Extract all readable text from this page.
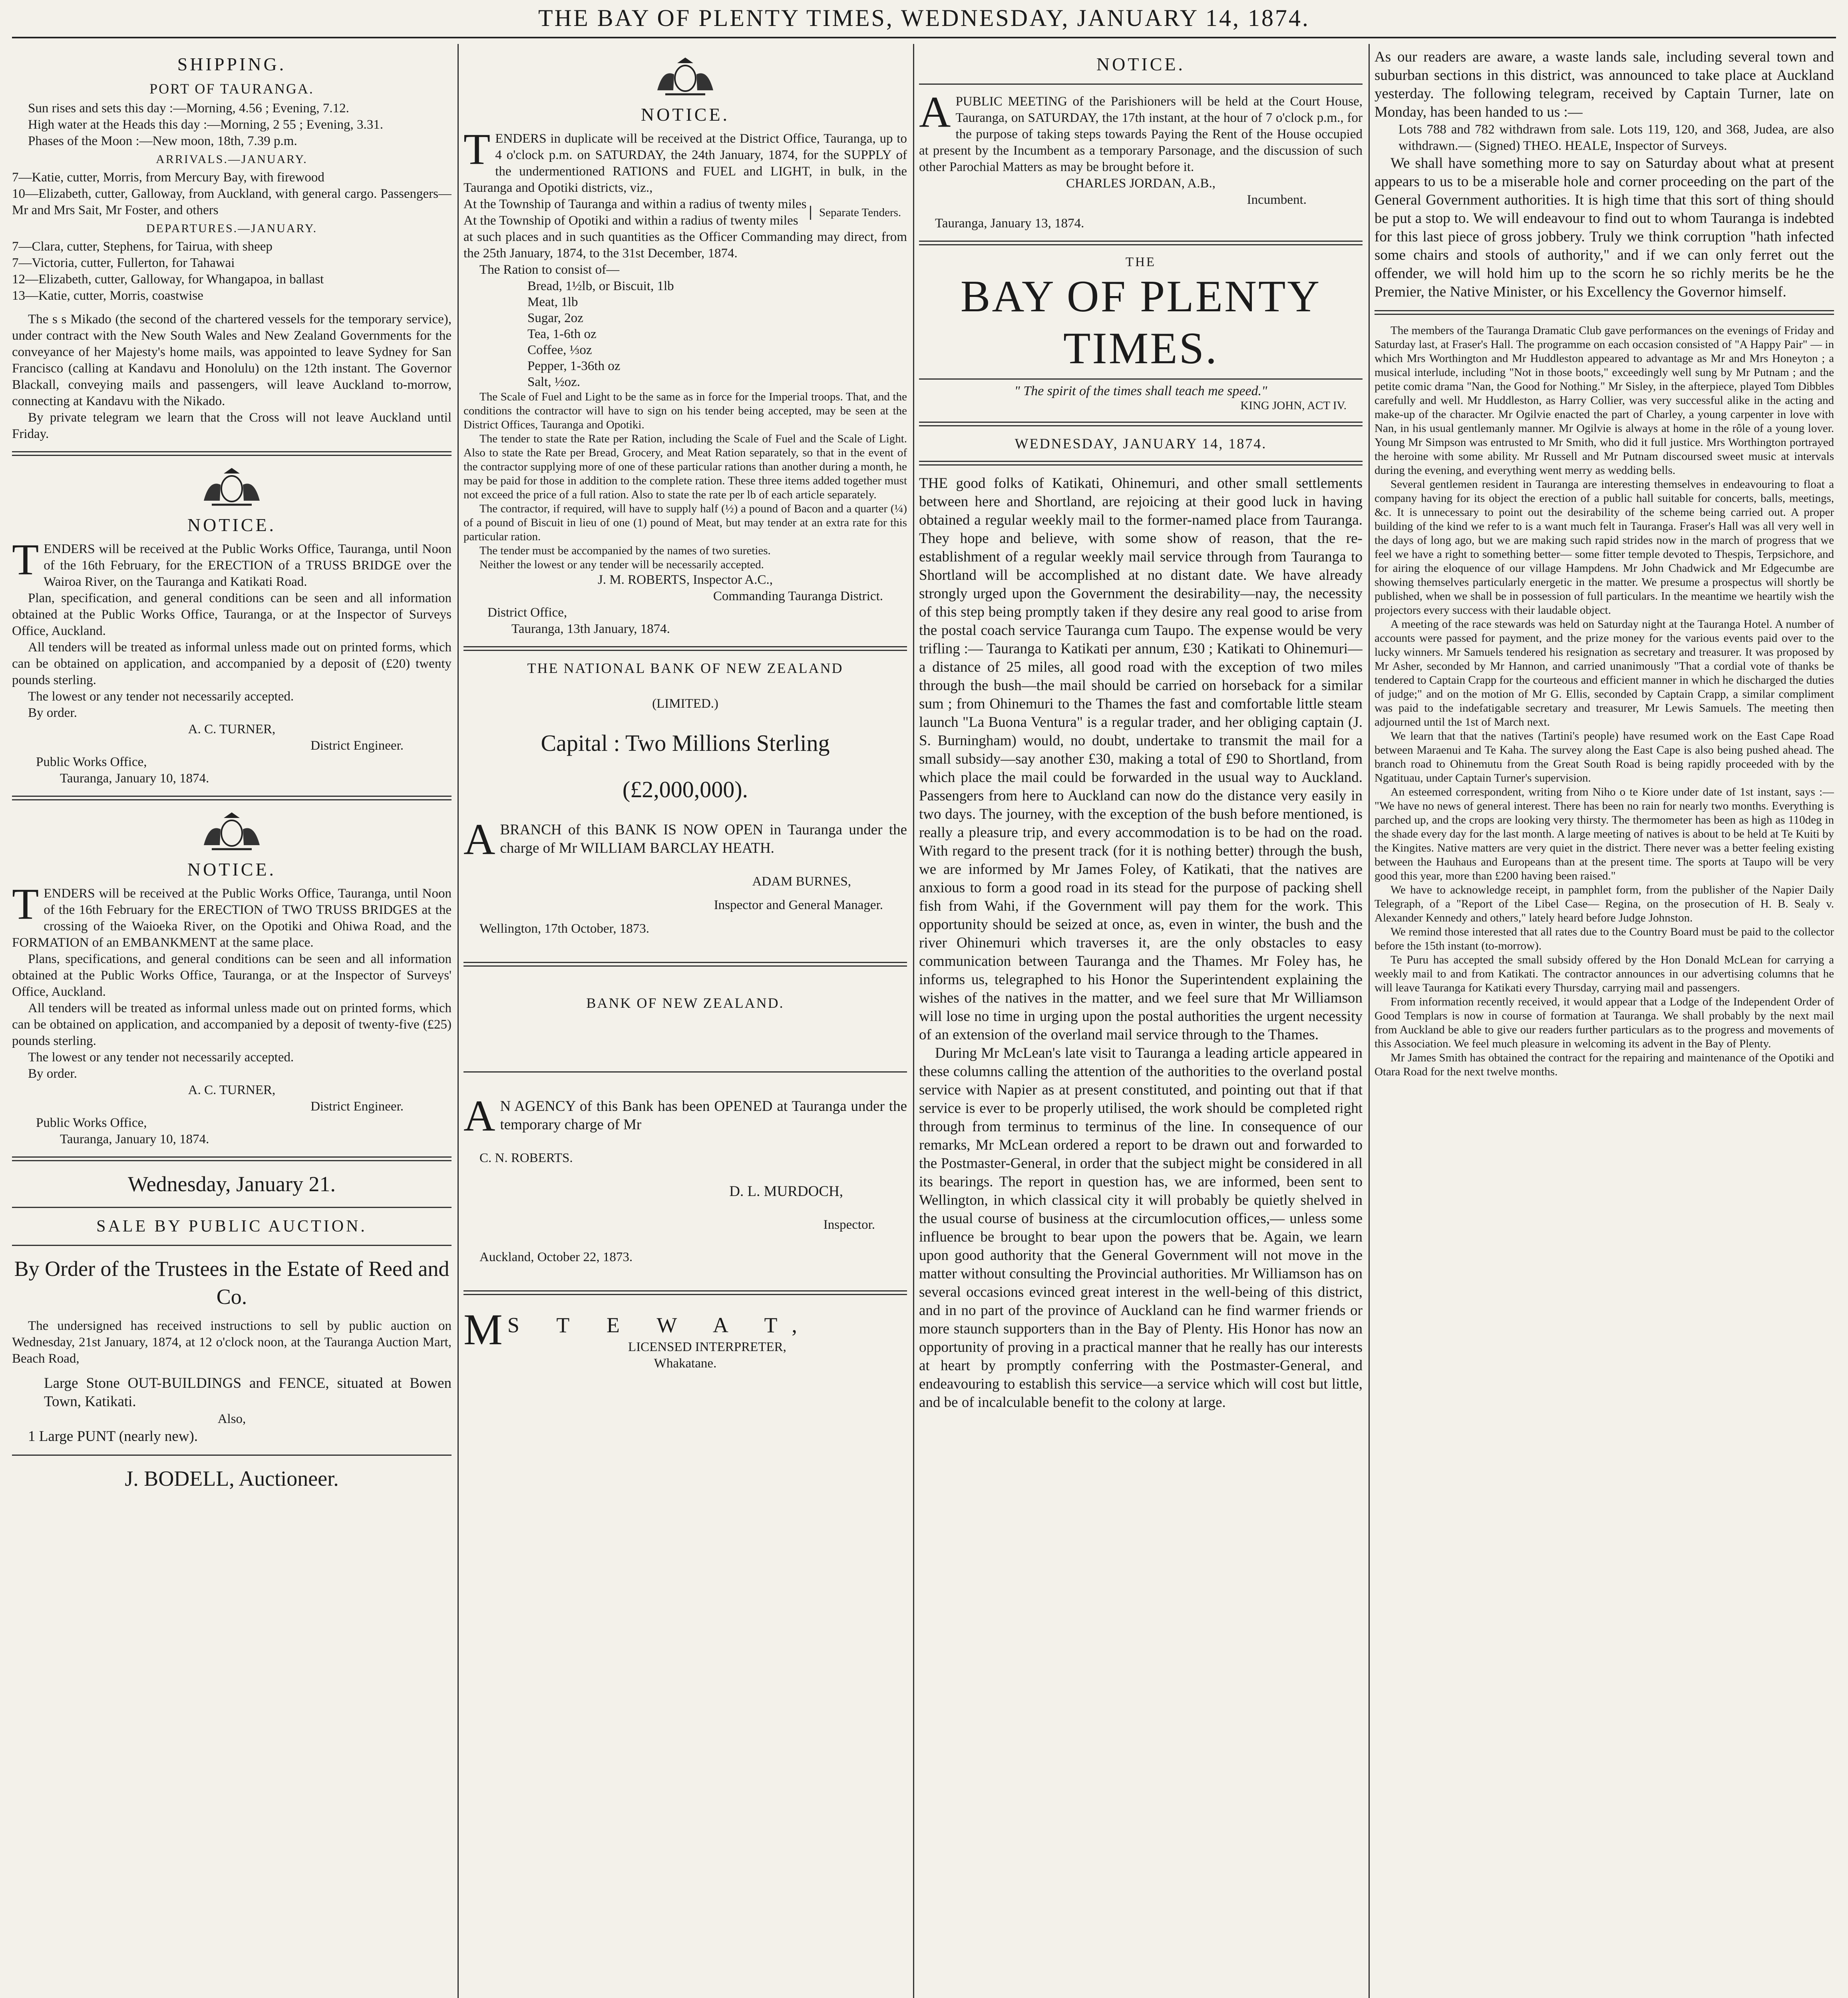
THE BAY OF PLENTY TIMES, WEDNESDAY, JANUARY 14, 1874.
SHIPPING.
PORT OF TAURANGA.

Sun rises and sets this day :—Morning, 4.56 ; Evening, 7.12.

High water at the Heads this day :—Morning, 2 55 ; Evening, 3.31.

Phases of the Moon :—New moon, 18th, 7.39 p.m.

ARRIVALS.—JANUARY.

7—Katie, cutter, Morris, from Mercury Bay, with firewood

10—Elizabeth, cutter, Galloway, from Auckland, with general cargo. Passengers—Mr and Mrs Sait, Mr Foster, and others

DEPARTURES.—JANUARY.

7—Clara, cutter, Stephens, for Tairua, with sheep

7—Victoria, cutter, Fullerton, for Tahawai

12—Elizabeth, cutter, Galloway, for Whangapoa, in ballast

13—Katie, cutter, Morris, coastwise

The s s Mikado (the second of the chartered vessels for the temporary service), under contract with the New South Wales and New Zealand Governments for the conveyance of her Majesty's home mails, was appointed to leave Sydney for San Francisco (calling at Kandavu and Honolulu) on the 12th instant. The Governor Blackall, conveying mails and passengers, will leave Auckland to-morrow, connecting at Kandavu with the Nikado.

By private telegram we learn that the Cross will not leave Auckland until Friday.

NOTICE.

TENDERS will be received at the Public Works Office, Tauranga, until Noon of the 16th February, for the ERECTION of a TRUSS BRIDGE over the Wairoa River, on the Tauranga and Katikati Road.

Plan, specification, and general conditions can be seen and all information obtained at the Public Works Office, Tauranga, or at the Inspector of Surveys Office, Auckland.

All tenders will be treated as informal unless made out on printed forms, which can be obtained on application, and accompanied by a deposit of (£20) twenty pounds sterling.

The lowest or any tender not necessarily accepted.

By order.

A. C. TURNER,

District Engineer.

Public Works Office,

Tauranga, January 10, 1874.

NOTICE.

TENDERS will be received at the Public Works Office, Tauranga, until Noon of the 16th February for the ERECTION of TWO TRUSS BRIDGES at the crossing of the Waioeka River, on the Opotiki and Ohiwa Road, and the FORMATION of an EMBANKMENT at the same place.

Plans, specifications, and general conditions can be seen and all information obtained at the Public Works Office, Tauranga, or at the Inspector of Surveys' Office, Auckland.

All tenders will be treated as informal unless made out on printed forms, which can be obtained on application, and accompanied by a deposit of twenty-five (£25) pounds sterling.

The lowest or any tender not necessarily accepted.

By order.

A. C. TURNER,

District Engineer.

Public Works Office,

Tauranga, January 10, 1874.

Wednesday, January 21.
SALE BY PUBLIC AUCTION.
By Order of the Trustees in the Estate of Reed and Co.

The undersigned has received instructions to sell by public auction on Wednesday, 21st January, 1874, at 12 o'clock noon, at the Tauranga Auction Mart, Beach Road,

Large Stone OUT-BUILDINGS and FENCE, situated at Bowen Town, Katikati.

Also,

1 Large PUNT (nearly new).

J. BODELL, Auctioneer.
NOTICE.

TENDERS in duplicate will be received at the District Office, Tauranga, up to 4 o'clock p.m. on SATURDAY, the 24th January, 1874, for the SUPPLY of the undermentioned RATIONS and FUEL and LIGHT, in bulk, in the Tauranga and Opotiki districts, viz.,

At the Township of Tauranga and within a radius of twenty miles

At the Township of Opotiki and within a radius of twenty miles

Separate Tenders.

at such places and in such quantities as the Officer Commanding may direct, from the 25th January, 1874, to the 31st December, 1874.

The Ration to consist of—

Bread, 1½lb, or Biscuit, 1lb
Meat, 1lb
Sugar, 2oz
Tea, 1-6th oz
Coffee, ⅓oz
Pepper, 1-36th oz
Salt, ½oz.

The Scale of Fuel and Light to be the same as in force for the Imperial troops. That, and the conditions the contractor will have to sign on his tender being accepted, may be seen at the District Offices, Tauranga and Opotiki.

The tender to state the Rate per Ration, including the Scale of Fuel and the Scale of Light. Also to state the Rate per Bread, Grocery, and Meat Ration separately, so that in the event of the contractor supplying more of one of these particular rations than another during a month, he may be paid for those in addition to the complete ration. These three items added together must not exceed the price of a full ration. Also to state the rate per lb of each article separately.

The contractor, if required, will have to supply half (½) a pound of Bacon and a quarter (¼) of a pound of Biscuit in lieu of one (1) pound of Meat, but may tender at an extra rate for this particular ration.

The tender must be accompanied by the names of two sureties.

Neither the lowest or any tender will be necessarily accepted.

J. M. ROBERTS, Inspector A.C.,

Commanding Tauranga District.

District Office,

Tauranga, 13th January, 1874.

THE NATIONAL BANK OF NEW ZEALAND
(LIMITED.)
Capital : Two Millions Sterling
(£2,000,000).

ABRANCH of this BANK IS NOW OPEN in Tauranga under the charge of Mr WILLIAM BARCLAY HEATH.

ADAM BURNES,

Inspector and General Manager.

Wellington, 17th October, 1873.

BANK OF NEW ZEALAND.

A N AGENCY of this Bank has been OPENED at Tauranga under the temporary charge of Mr

C. N. ROBERTS.

D. L. MURDOCH,

Inspector.

Auckland, October 22, 1873.

M S T E W A T,

LICENSED INTERPRETER,

Whakatane.

NOTICE.

APUBLIC MEETING of the Parishioners will be held at the Court House, Tauranga, on SATURDAY, the 17th instant, at the hour of 7 o'clock p.m., for the purpose of taking steps towards Paying the Rent of the House occupied at present by the Incumbent as a temporary Parsonage, and the discussion of such other Parochial Matters as may be brought before it.

CHARLES JORDAN, A.B.,

Incumbent.

Tauranga, January 13, 1874.

THE
BAY OF PLENTY TIMES.
" The spirit of the times shall teach me speed."
KING JOHN, ACT IV.
WEDNESDAY, JANUARY 14, 1874.

THE good folks of Katikati, Ohinemuri, and other small settlements between here and Shortland, are rejoicing at their good luck in having obtained a regular weekly mail to the former-named place from Tauranga. They hope and believe, with some show of reason, that the re-establishment of a regular weekly mail service through from Tauranga to Shortland will be accomplished at no distant date. We have already strongly urged upon the Government the desirability—nay, the necessity of this step being promptly taken if they desire any real good to arise from the postal coach service Tauranga cum Taupo. The expense would be very trifling :— Tauranga to Katikati per annum, £30 ; Katikati to Ohinemuri—a distance of 25 miles, all good road with the exception of two miles through the bush—the mail should be carried on horseback for a similar sum ; from Ohinemuri to the Thames the fast and comfortable little steam launch "La Buona Ventura" is a regular trader, and her obliging captain (J. S. Burningham) would, no doubt, undertake to transmit the mail for a small subsidy—say another £30, making a total of £90 to Shortland, from which place the mail could be forwarded in the usual way to Auckland. Passengers from here to Auckland can now do the distance very easily in two days. The journey, with the exception of the bush before mentioned, is really a pleasure trip, and every accommodation is to be had on the road. With regard to the present track (for it is nothing better) through the bush, we are informed by Mr James Foley, of Katikati, that the natives are anxious to form a good road in its stead for the purpose of packing shell fish from Wahi, if the Government will pay them for the work. This opportunity should be seized at once, as, even in winter, the bush and the river Ohinemuri which traverses it, are the only obstacles to easy communication between Tauranga and the Thames. Mr Foley has, he informs us, telegraphed to his Honor the Superintendent explaining the wishes of the natives in the matter, and we feel sure that Mr Williamson will lose no time in urging upon the postal authorities the urgent necessity of an extension of the overland mail service through to the Thames.

During Mr McLean's late visit to Tauranga a leading article appeared in these columns calling the attention of the authorities to the overland postal service with Napier as at present constituted, and pointing out that if that service is ever to be properly utilised, the work should be completed right through from terminus to terminus of the line. In consequence of our remarks, Mr McLean ordered a report to be drawn out and forwarded to the Postmaster-General, in order that the subject might be considered in all its bearings. The report in question has, we are informed, been sent to Wellington, in which classical city it will probably be quietly shelved in the usual course of business at the circumlocution offices,— unless some influence be brought to bear upon the powers that be. Again, we learn upon good authority that the General Government will not move in the matter without consulting the Provincial authorities. Mr Williamson has on several occasions evinced great interest in the well-being of this district, and in no part of the province of Auckland can he find warmer friends or more staunch supporters than in the Bay of Plenty. His Honor has now an opportunity of proving in a practical manner that he really has our interests at heart by promptly conferring with the Postmaster-General, and endeavouring to establish this service—a service which will cost but little, and be of incalculable benefit to the colony at large.

As our readers are aware, a waste lands sale, including several town and suburban sections in this district, was announced to take place at Auckland yesterday. The following telegram, received by Captain Turner, late on Monday, has been handed to us :—

Lots 788 and 782 withdrawn from sale. Lots 119, 120, and 368, Judea, are also withdrawn.— (Signed) THEO. HEALE, Inspector of Surveys.

We shall have something more to say on Saturday about what at present appears to us to be a miserable hole and corner proceeding on the part of the General Government authorities. It is high time that this sort of thing should be put a stop to. We will endeavour to find out to whom Tauranga is indebted for this last piece of gross jobbery. Truly we think corruption "hath infected some chairs and stools of authority," and if we can only ferret out the offender, we will hold him up to the scorn he so richly merits be he the Premier, the Native Minister, or his Excellency the Governor himself.

The members of the Tauranga Dramatic Club gave performances on the evenings of Friday and Saturday last, at Fraser's Hall. The programme on each occasion consisted of "A Happy Pair" — in which Mrs Worthington and Mr Huddleston appeared to advantage as Mr and Mrs Honeyton ; a musical interlude, including "Not in those boots," exceedingly well sung by Mr Putnam ; and the petite comic drama "Nan, the Good for Nothing." Mr Sisley, in the afterpiece, played Tom Dibbles carefully and well. Mr Huddleston, as Harry Collier, was very successful alike in the acting and make-up of the character. Mr Ogilvie enacted the part of Charley, a young carpenter in love with Nan, in his usual gentlemanly manner. Mr Ogilvie is always at home in the rôle of a young lover. Young Mr Simpson was entrusted to Mr Smith, who did it full justice. Mrs Worthington portrayed the heroine with some ability. Mr Russell and Mr Putnam discoursed sweet music at intervals during the evening, and everything went merry as wedding bells.

Several gentlemen resident in Tauranga are interesting themselves in endeavouring to float a company having for its object the erection of a public hall suitable for concerts, balls, meetings, &c. It is unnecessary to point out the desirability of the scheme being carried out. A proper building of the kind we refer to is a want much felt in Tauranga. Fraser's Hall was all very well in the days of long ago, but we are making such rapid strides now in the march of progress that we feel we have a right to something better— some fitter temple devoted to Thespis, Terpsichore, and for airing the eloquence of our village Hampdens. Mr John Chadwick and Mr Edgecumbe are showing themselves particularly energetic in the matter. We presume a prospectus will shortly be published, when we shall be in possession of full particulars. In the meantime we heartily wish the projectors every success with their laudable object.

A meeting of the race stewards was held on Saturday night at the Tauranga Hotel. A number of accounts were passed for payment, and the prize money for the various events paid over to the lucky winners. Mr Samuels tendered his resignation as secretary and treasurer. It was proposed by Mr Asher, seconded by Mr Hannon, and carried unanimously "That a cordial vote of thanks be tendered to Captain Crapp for the courteous and efficient manner in which he discharged the duties of judge;" and on the motion of Mr G. Ellis, seconded by Captain Crapp, a similar compliment was paid to the indefatigable secretary and treasurer, Mr Lewis Samuels. The meeting then adjourned until the 1st of March next.

We learn that that the natives (Tartini's people) have resumed work on the East Cape Road between Maraenui and Te Kaha. The survey along the East Cape is also being pushed ahead. The branch road to Ohinemutu from the Great South Road is being rapidly proceeded with by the Ngatituau, under Captain Turner's supervision.

An esteemed correspondent, writing from Niho o te Kiore under date of 1st instant, says :— "We have no news of general interest. There has been no rain for nearly two months. Everything is parched up, and the crops are looking very thirsty. The thermometer has been as high as 110deg in the shade every day for the last month. A large meeting of natives is about to be held at Te Kuiti by the Kingites. Native matters are very quiet in the district. There never was a better feeling existing between the Hauhaus and Europeans than at the present time. The sports at Taupo will be very good this year, more than £200 having been raised."

We have to acknowledge receipt, in pamphlet form, from the publisher of the Napier Daily Telegraph, of a "Report of the Libel Case— Regina, on the prosecution of H. B. Sealy v. Alexander Kennedy and others," lately heard before Judge Johnston.

We remind those interested that all rates due to the Country Board must be paid to the collector before the 15th instant (to-morrow).

Te Puru has accepted the small subsidy offered by the Hon Donald McLean for carrying a weekly mail to and from Katikati. The contractor announces in our advertising columns that he will leave Tauranga for Katikati every Thursday, carrying mail and passengers.

From information recently received, it would appear that a Lodge of the Independent Order of Good Templars is now in course of formation at Tauranga. We shall probably by the next mail from Auckland be able to give our readers further particulars as to the progress and movements of this Association. We feel much pleasure in welcoming its advent in the Bay of Plenty.

Mr James Smith has obtained the contract for the repairing and maintenance of the Opotiki and Otara Road for the next twelve months.
